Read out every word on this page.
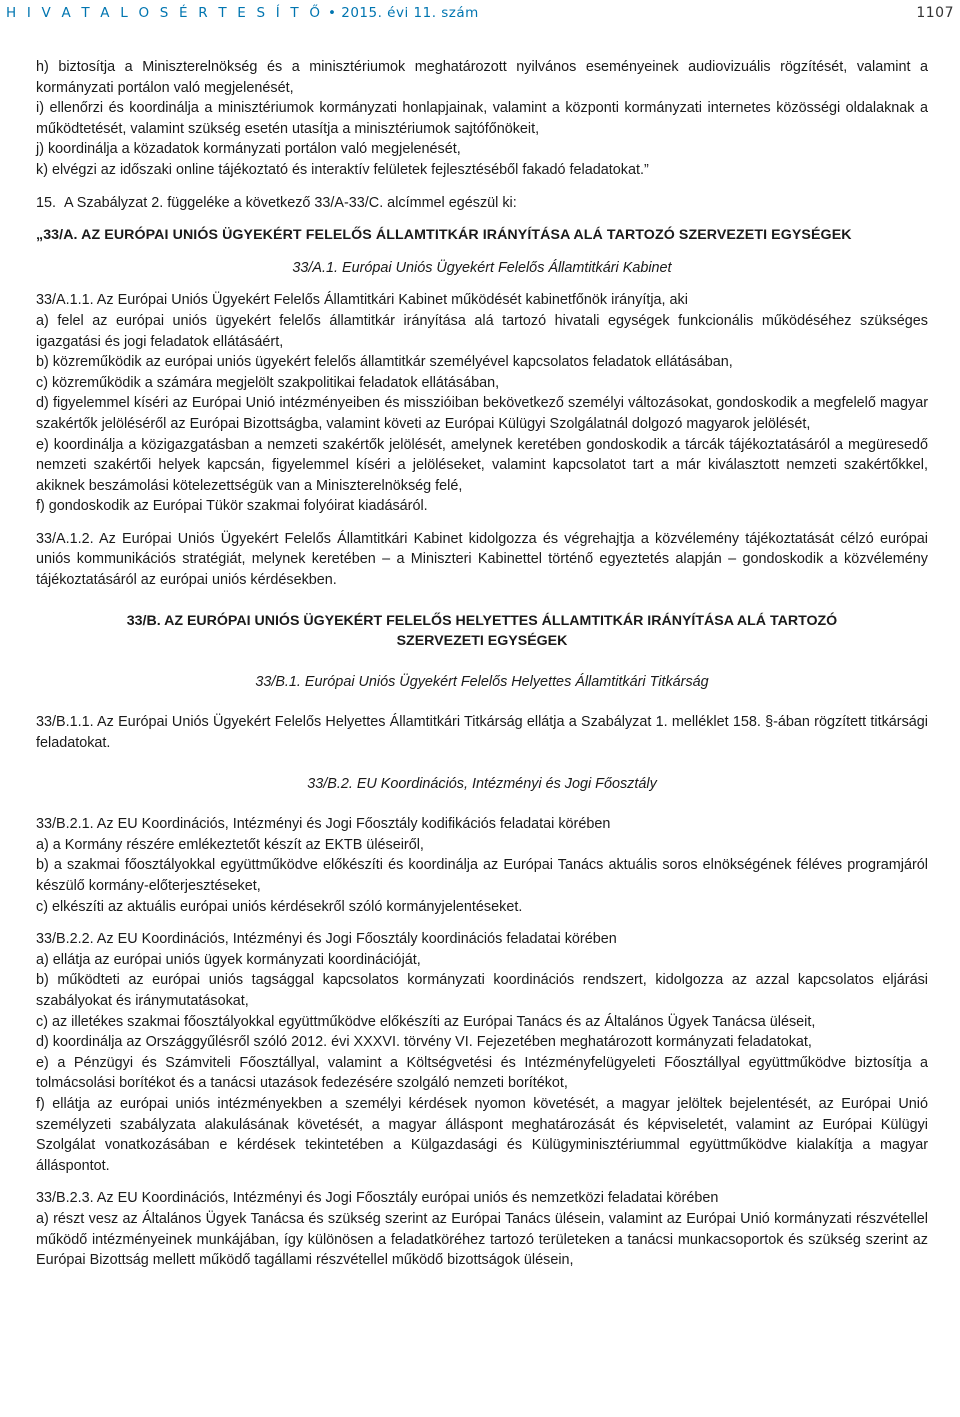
H I V A T A L O S É R T E S Í T Ő • 2015. évi 11. szám	1107

h) biztosítja a Miniszterelnökség és a minisztériumok meghatározott nyilvános eseményeinek audiovizuális rögzítését, valamint a kormányzati portálon való megjelenését,

i) ellenőrzi és koordinálja a minisztériumok kormányzati honlapjainak, valamint a központi kormányzati internetes közösségi oldalaknak a működtetését, valamint szükség esetén utasítja a minisztériumok sajtófőnökeit,

j) koordinálja a közadatok kormányzati portálon való megjelenését,

k) elvégzi az időszaki online tájékoztató és interaktív felületek fejlesztéséből fakadó feladatokat.”

15. A Szabályzat 2. függeléke a következő 33/A-33/C. alcímmel egészül ki:

„33/A. AZ EURÓPAI UNIÓS ÜGYEKÉRT FELELŐS ÁLLAMTITKÁR IRÁNYÍTÁSA ALÁ TARTOZÓ SZERVEZETI EGYSÉGEK

33/A.1. Európai Uniós Ügyekért Felelős Államtitkári Kabinet

33/A.1.1. Az Európai Uniós Ügyekért Felelős Államtitkári Kabinet működését kabinetfőnök irányítja, aki

a) felel az európai uniós ügyekért felelős államtitkár irányítása alá tartozó hivatali egységek funkcionális működéséhez szükséges igazgatási és jogi feladatok ellátásáért,

b) közreműködik az európai uniós ügyekért felelős államtitkár személyével kapcsolatos feladatok ellátásában,

c) közreműködik a számára megjelölt szakpolitikai feladatok ellátásában,

d) figyelemmel kíséri az Európai Unió intézményeiben és misszióiban bekövetkező személyi változásokat, gondoskodik a megfelelő magyar szakértők jelöléséről az Európai Bizottságba, valamint követi az Európai Külügyi Szolgálatnál dolgozó magyarok jelölését,

e) koordinálja a közigazgatásban a nemzeti szakértők jelölését, amelynek keretében gondoskodik a tárcák tájékoztatásáról a megüresedő nemzeti szakértői helyek kapcsán, figyelemmel kíséri a jelöléseket, valamint kapcsolatot tart a már kiválasztott nemzeti szakértőkkel, akiknek beszámolási kötelezettségük van a Miniszterelnökség felé,

f) gondoskodik az Európai Tükör szakmai folyóirat kiadásáról.

33/A.1.2. Az Európai Uniós Ügyekért Felelős Államtitkári Kabinet kidolgozza és végrehajtja a közvélemény tájékoztatását célzó európai uniós kommunikációs stratégiát, melynek keretében – a Miniszteri Kabinettel történő egyeztetés alapján – gondoskodik a közvélemény tájékoztatásáról az európai uniós kérdésekben.

33/B. AZ EURÓPAI UNIÓS ÜGYEKÉRT FELELŐS HELYETTES ÁLLAMTITKÁR IRÁNYÍTÁSA ALÁ TARTOZÓ

SZERVEZETI EGYSÉGEK

33/B.1. Európai Uniós Ügyekért Felelős Helyettes Államtitkári Titkárság

33/B.1.1. Az Európai Uniós Ügyekért Felelős Helyettes Államtitkári Titkárság ellátja a Szabályzat 1. melléklet 158. §-ában rögzített titkársági feladatokat.

33/B.2. EU Koordinációs, Intézményi és Jogi Főosztály

33/B.2.1. Az EU Koordinációs, Intézményi és Jogi Főosztály kodifikációs feladatai körében

a) a Kormány részére emlékeztetőt készít az EKTB üléseiről,

b) a szakmai főosztályokkal együttműködve előkészíti és koordinálja az Európai Tanács aktuális soros elnökségének féléves programjáról készülő kormány-előterjesztéseket,

c) elkészíti az aktuális európai uniós kérdésekről szóló kormányjelentéseket.

33/B.2.2. Az EU Koordinációs, Intézményi és Jogi Főosztály koordinációs feladatai körében

a) ellátja az európai uniós ügyek kormányzati koordinációját,

b) működteti az európai uniós tagsággal kapcsolatos kormányzati koordinációs rendszert, kidolgozza az azzal kapcsolatos eljárási szabályokat és iránymutatásokat,

c) az illetékes szakmai főosztályokkal együttműködve előkészíti az Európai Tanács és az Általános Ügyek Tanácsa üléseit,

d) koordinálja az Országgyűlésről szóló 2012. évi XXXVI. törvény VI. Fejezetében meghatározott kormányzati feladatokat,

e) a Pénzügyi és Számviteli Főosztállyal, valamint a Költségvetési és Intézményfelügyeleti Főosztállyal együttműködve biztosítja a tolmácsolási borítékot és a tanácsi utazások fedezésére szolgáló nemzeti borítékot,

f) ellátja az európai uniós intézményekben a személyi kérdések nyomon követését, a magyar jelöltek bejelentését, az Európai Unió személyzeti szabályzata alakulásának követését, a magyar álláspont meghatározását és képviseletét, valamint az Európai Külügyi Szolgálat vonatkozásában e kérdések tekintetében a Külgazdasági és Külügyminisztériummal együttműködve kialakítja a magyar álláspontot.

33/B.2.3. Az EU Koordinációs, Intézményi és Jogi Főosztály európai uniós és nemzetközi feladatai körében

a) részt vesz az Általános Ügyek Tanácsa és szükség szerint az Európai Tanács ülésein, valamint az Európai Unió kormányzati részvétellel működő intézményeinek munkájában, így különösen a feladatköréhez tartozó területeken a tanácsi munkacsoportok és szükség szerint az Európai Bizottság mellett működő tagállami részvétellel működő bizottságok ülésein,
